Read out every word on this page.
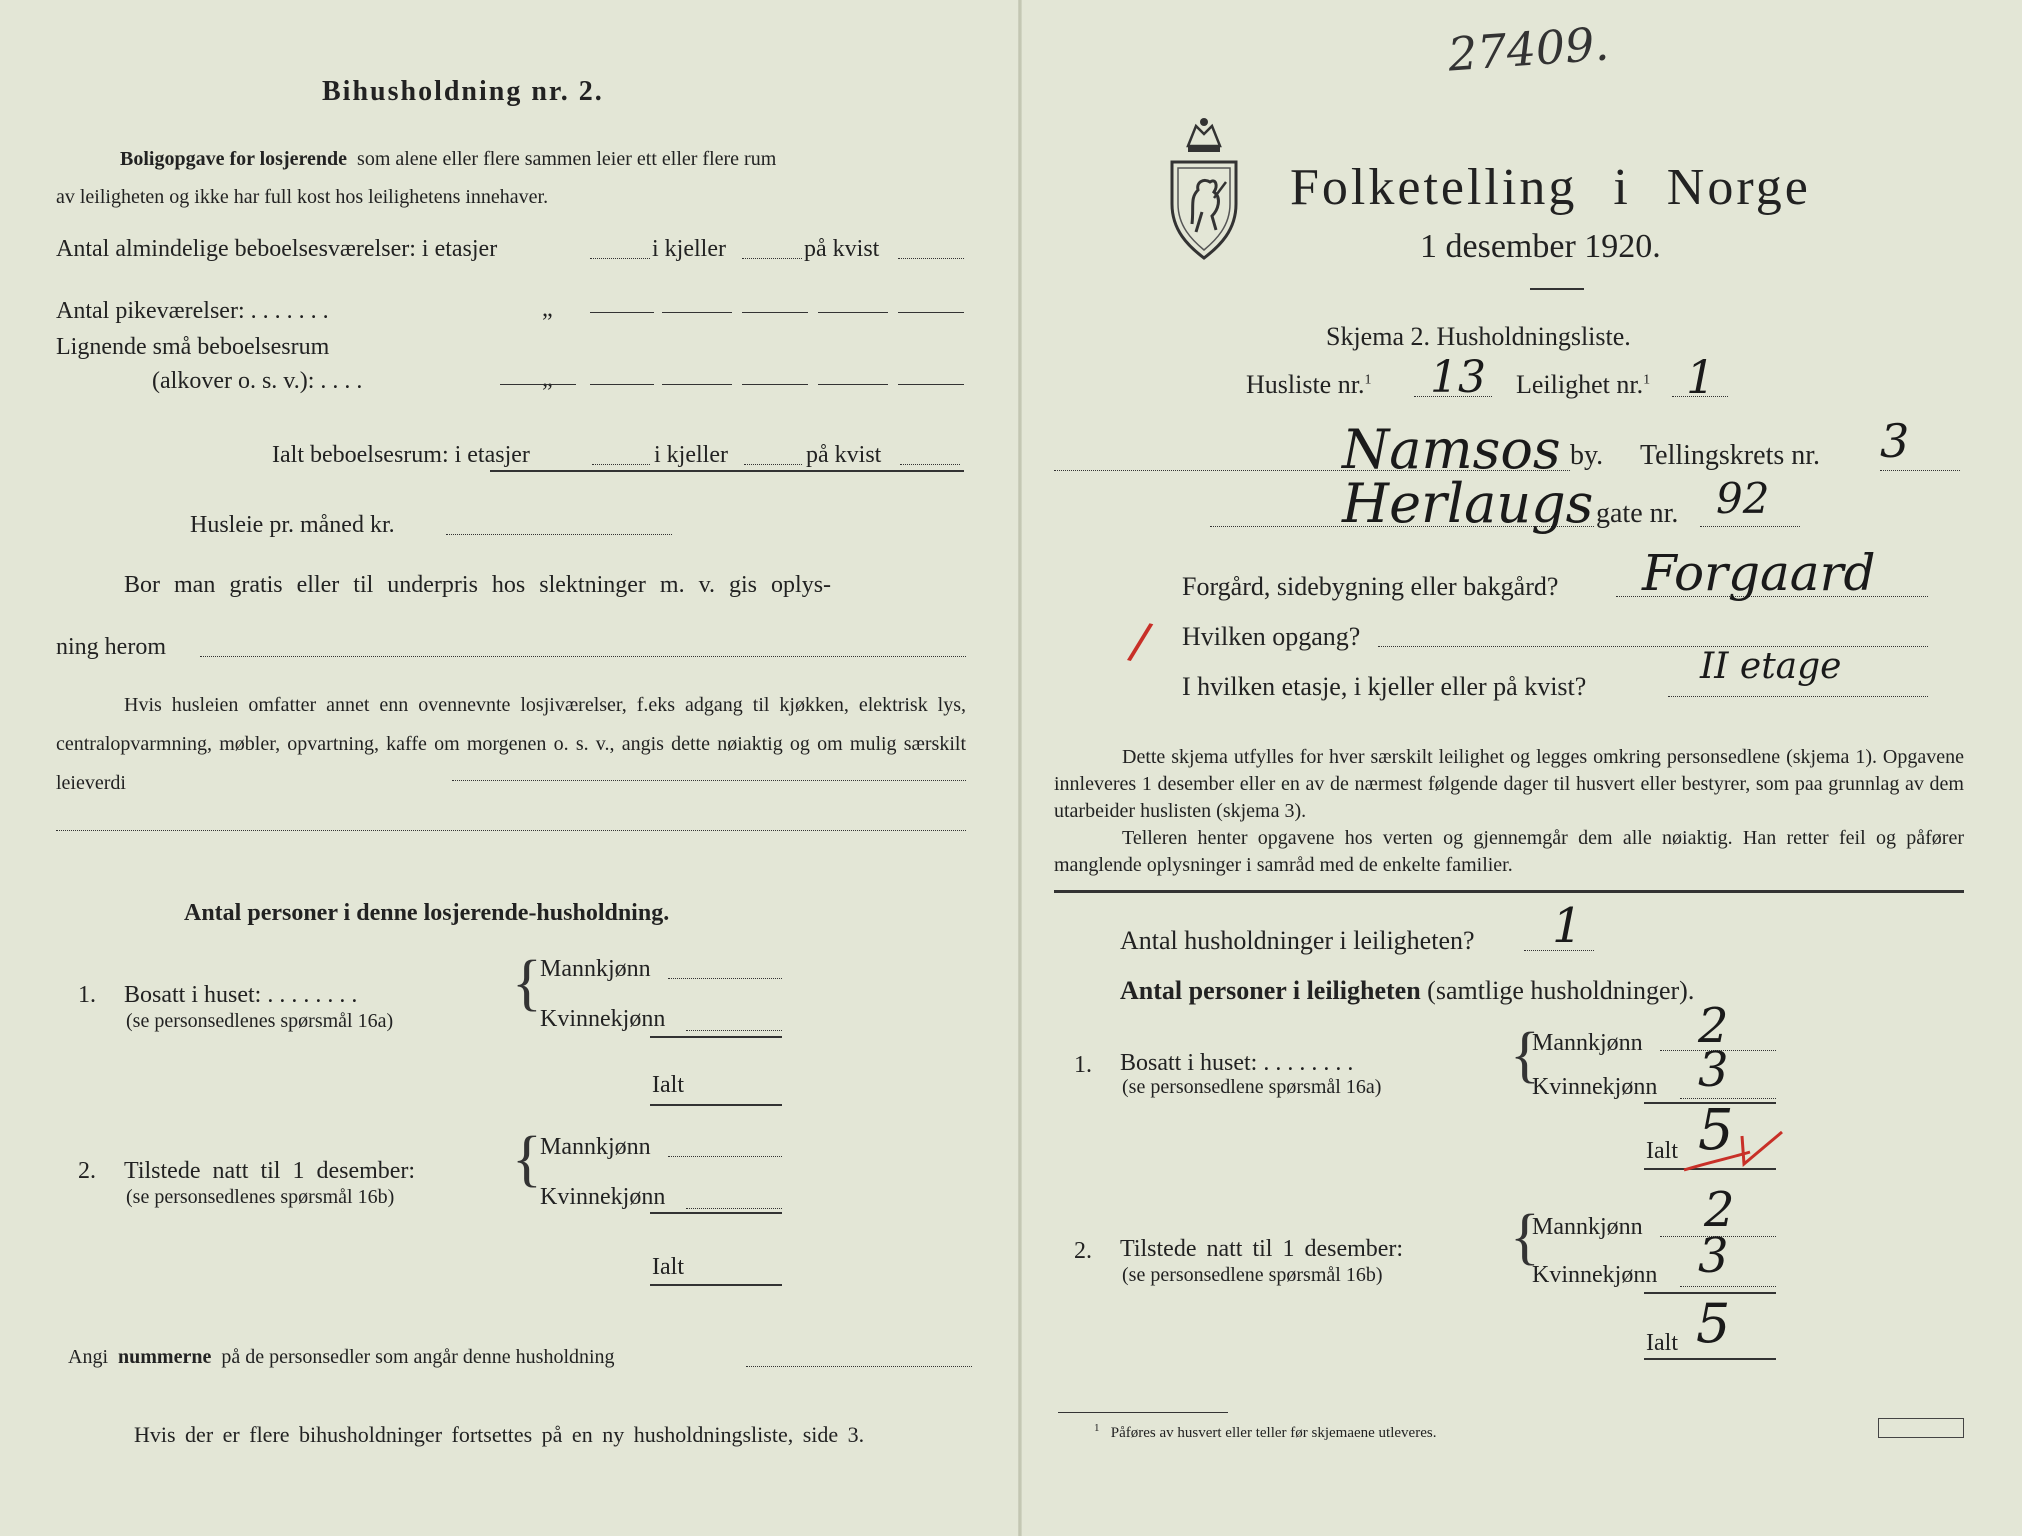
Bihusholdning nr. 2.
Boligopgave for losjerende som alene eller flere sammen leier ett eller flere rum
av leiligheten og ikke har full kost hos leilighetens innehaver.
Antal almindelige beboelsesværelser: i etasjer	i kjeller	på kvist
Antal pikeværelser: . . . . . . .	„
Lignende små beboelsesrum
(alkover o. s. v.): . . . .	„
Ialt beboelsesrum: i etasjer	i kjeller	på kvist
Husleie pr. måned kr.
Bor man gratis eller til underpris hos slektninger m. v. gis oplys-
ning herom
Hvis husleien omfatter annet enn ovennevnte losjiværelser, f.eks adgang til kjøkken, elektrisk lys, centralopvarmning, møbler, opvartning, kaffe om morgenen o. s. v., angis dette nøiaktig og om mulig særskilt leieverdi
Antal personer i denne losjerende-husholdning.
1. Bosatt i huset: . . . . . . . .
(se personsedlenes spørsmål 16a)
{
Mannkjønn
Kvinnekjønn
Ialt
2. Tilstede natt til 1 desember:
(se personsedlenes spørsmål 16b)
{
Mannkjønn
Kvinnekjønn
Ialt
Angi nummerne på de personsedler som angår denne husholdning
Hvis der er flere bihusholdninger fortsettes på en ny husholdningsliste, side 3.
27409.
Folketelling i Norge
1 desember 1920.
Skjema 2. Husholdningsliste.
Husliste nr.$^1$ 13 Leilighet nr.$^1$ 1
Namsos by. Tellingskrets nr. 3
Herlaugs gate nr. 92
Forgård, sidebygning eller bakgård? Forgaard
/ Hvilken opgang?
I hvilken etasje, i kjeller eller på kvist?	II etage
Dette skjema utfylles for hver særskilt leilighet og legges omkring personsedlene (skjema 1). Opgavene innleveres 1 desember eller en av de nærmest følgende dager til husvert eller bestyrer, som paa grunnlag av dem utarbeider huslisten (skjema 3).
Telleren henter opgavene hos verten og gjennemgår dem alle nøiaktig. Han retter feil og påfører manglende oplysninger i samråd med de enkelte familier.
Antal husholdninger i leiligheten? 1
Antal personer i leiligheten (samtlige husholdninger).
1. Bosatt i huset: . . . . . . . .
(se personsedlene spørsmål 16a) {
Mannkjønn 2
Kvinnekjønn 3
Ialt 5
2. Tilstede natt til 1 desember:
(se personsedlene spørsmål 16b)
{
Mannkjønn 2
Kvinnekjønn 3
Ialt 5
$^1$ Påføres av husvert eller teller før skjemaene utleveres.
